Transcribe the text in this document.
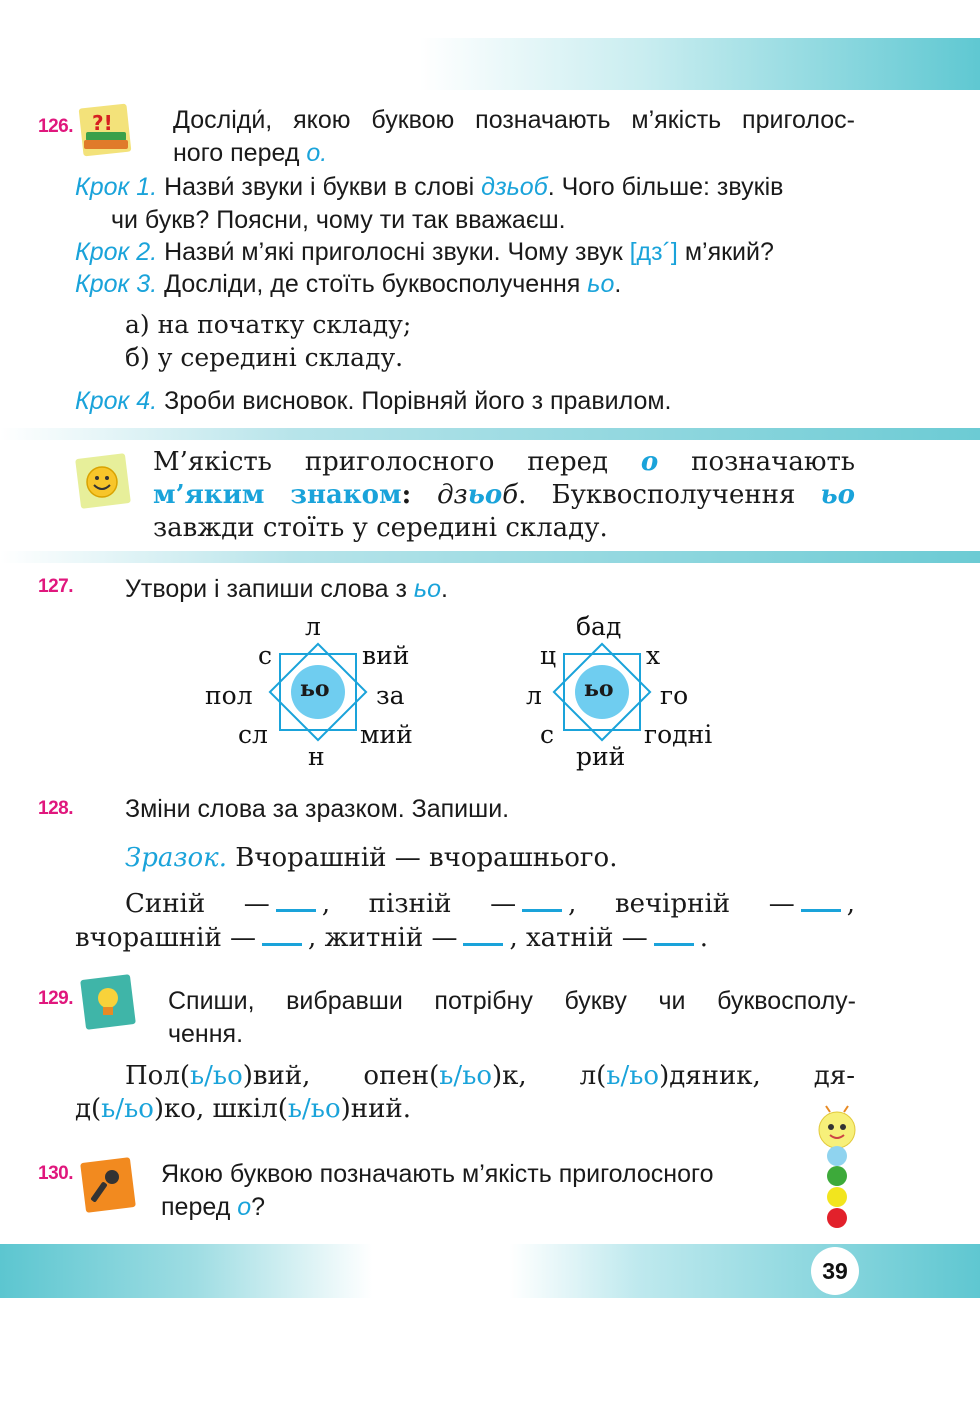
39
126. ?! Досліди́, якою буквою позначають м’якість приголос-
ного перед о.
Крок 1. Назви́ звуки і букви в слові дзьоб. Чого більше: звуків
чи букв? Поясни, чому ти так вважаєш.
Крок 2. Назви́ м’які приголосні звуки. Чому звук [дз´] м’який?
Крок 3. Досліди, де стоїть буквосполучення ьо.
а) на початку складу;
б) у середині складу.
Крок 4. Зроби висновок. Порівняй його з правилом.
М’якість приголосного перед о позначають
м’яким знаком: дзьоб. Буквосполучення ьо
завжди стоїть у середині складу.
127. Утвори і запиши слова з ьо.
ьо
л
с	вий
пол	за
сл	мий
н
ьо
бад
ц	х
л	го
с	годні
рий
128. Зміни слова за зразком. Запиши.
Зразок. Вчорашній — вчорашнього.
Синій — , пізній — , вечірній — ,
вчорашній — , житній — , хатній — .
129.	Спиши, вибравши потрібну букву чи буквосполу-
чення.
Пол(ь/ьо)вий, опен(ь/ьо)к, л(ь/ьо)дяник, дя-
д(ь/ьо)ко, шкіл(ь/ьо)ний.
130.	Якою буквою позначають м’якість приголосного
перед о?
